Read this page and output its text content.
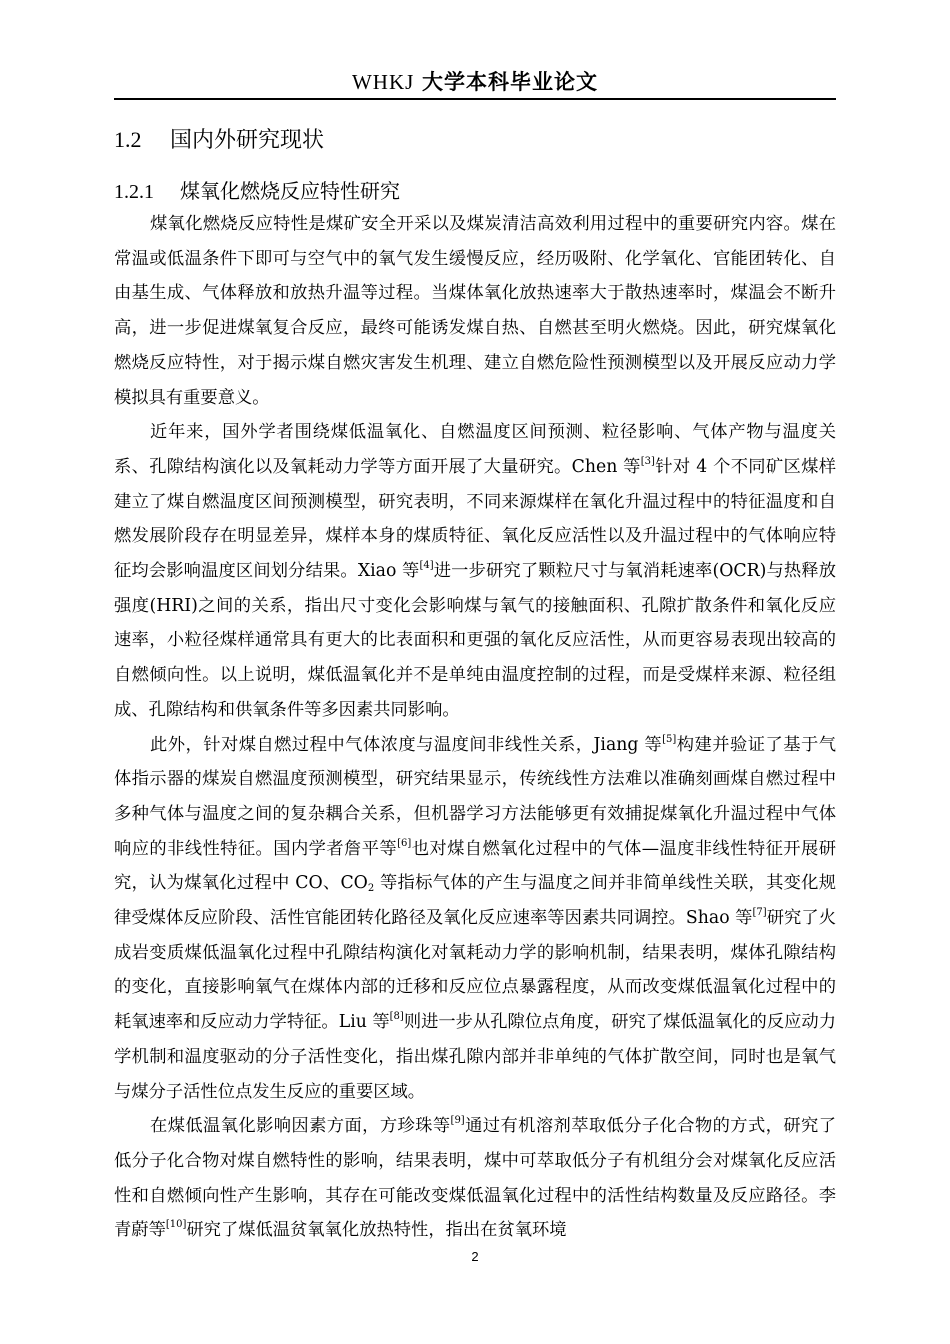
WHKJ 大学本科毕业论文
1.2 国内外研究现状
1.2.1 煤氧化燃烧反应特性研究

煤氧化燃烧反应特性是煤矿安全开采以及煤炭清洁高效利用过程中的重要研究内容。煤在常温或低温条件下即可与空气中的氧气发生缓慢反应，经历吸附、化学氧化、官能团转化、自由基生成、气体释放和放热升温等过程。当煤体氧化放热速率大于散热速率时，煤温会不断升高，进一步促进煤氧复合反应，最终可能诱发煤自热、自燃甚至明火燃烧。因此，研究煤氧化燃烧反应特性，对于揭示煤自燃灾害发生机理、建立自燃危险性预测模型以及开展反应动力学模拟具有重要意义。

近年来，国外学者围绕煤低温氧化、自燃温度区间预测、粒径影响、气体产物与温度关系、孔隙结构演化以及氧耗动力学等方面开展了大量研究。Chen 等[3]针对 4 个不同矿区煤样建立了煤自燃温度区间预测模型，研究表明，不同来源煤样在氧化升温过程中的特征温度和自燃发展阶段存在明显差异，煤样本身的煤质特征、氧化反应活性以及升温过程中的气体响应特征均会影响温度区间划分结果。Xiao 等[4]进一步研究了颗粒尺寸与氧消耗速率(OCR)与热释放强度(HRI)之间的关系，指出尺寸变化会影响煤与氧气的接触面积、孔隙扩散条件和氧化反应速率，小粒径煤样通常具有更大的比表面积和更强的氧化反应活性，从而更容易表现出较高的自燃倾向性。以上说明，煤低温氧化并不是单纯由温度控制的过程，而是受煤样来源、粒径组成、孔隙结构和供氧条件等多因素共同影响。

此外，针对煤自燃过程中气体浓度与温度间非线性关系，Jiang 等[5]构建并验证了基于气体指示器的煤炭自燃温度预测模型，研究结果显示，传统线性方法难以准确刻画煤自燃过程中多种气体与温度之间的复杂耦合关系，但机器学习方法能够更有效捕捉煤氧化升温过程中气体响应的非线性特征。国内学者詹平等[6]也对煤自燃氧化过程中的气体—温度非线性特征开展研究，认为煤氧化过程中 CO、$CO_2$ 等指标气体的产生与温度之间并非简单线性关联，其变化规律受煤体反应阶段、活性官能团转化路径及氧化反应速率等因素共同调控。Shao 等[7]研究了火成岩变质煤低温氧化过程中孔隙结构演化对氧耗动力学的影响机制，结果表明，煤体孔隙结构的变化，直接影响氧气在煤体内部的迁移和反应位点暴露程度，从而改变煤低温氧化过程中的耗氧速率和反应动力学特征。Liu 等[8]则进一步从孔隙位点角度，研究了煤低温氧化的反应动力学机制和温度驱动的分子活性变化，指出煤孔隙内部并非单纯的气体扩散空间，同时也是氧气与煤分子活性位点发生反应的重要区域。

在煤低温氧化影响因素方面，方珍珠等[9]通过有机溶剂萃取低分子化合物的方式，研究了低分子化合物对煤自燃特性的影响，结果表明，煤中可萃取低分子有机组分会对煤氧化反应活性和自燃倾向性产生影响，其存在可能改变煤低温氧化过程中的活性结构数量及反应路径。李青蔚等[10]研究了煤低温贫氧氧化放热特性，指出在贫氧环境

2
